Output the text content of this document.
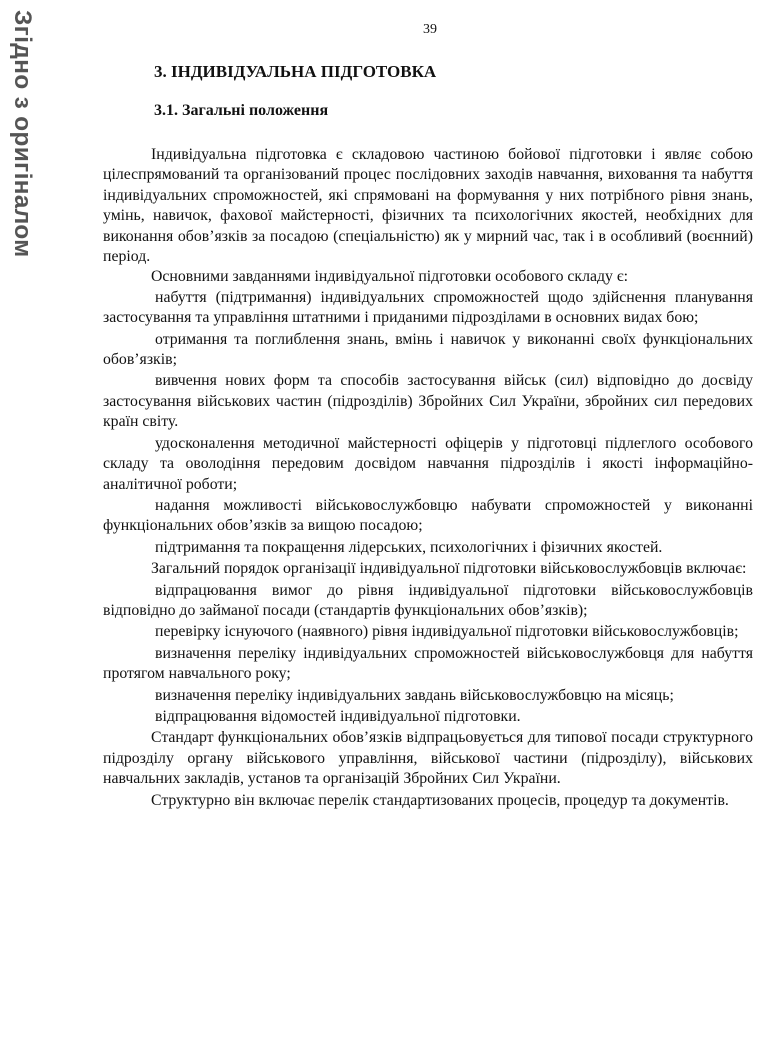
Згідно з оригіналом	39
3. ІНДИВІДУАЛЬНА ПІДГОТОВКА
3.1. Загальні положення

Індивідуальна підготовка є складовою частиною бойової підготовки і являє собою цілеспрямований та організований процес послідовних заходів навчання, виховання та набуття індивідуальних спроможностей, які спрямовані на формування у них потрібного рівня знань, умінь, навичок, фахової майстерності, фізичних та психологічних якостей, необхідних для виконання обов’язків за посадою (спеціальністю) як у мирний час, так і в особливий (воєнний) період.

Основними завданнями індивідуальної підготовки особового складу є:

набуття (підтримання) індивідуальних спроможностей щодо здійснення планування застосування та управління штатними і приданими підрозділами в основних видах бою;

отримання та поглиблення знань, вмінь і навичок у виконанні своїх функціональних обов’язків;

вивчення нових форм та способів застосування військ (сил) відповідно до досвіду застосування військових частин (підрозділів) Збройних Сил України, збройних сил передових країн світу.

удосконалення методичної майстерності офіцерів у підготовці підлеглого особового складу та оволодіння передовим досвідом навчання підрозділів і якості інформаційно-аналітичної роботи;

надання можливості військовослужбовцю набувати спроможностей у виконанні функціональних обов’язків за вищою посадою;

підтримання та покращення лідерських, психологічних і фізичних якостей.

Загальний порядок організації індивідуальної підготовки військовослужбовців включає:

відпрацювання вимог до рівня індивідуальної підготовки військовослужбовців відповідно до займаної посади (стандартів функціональних обов’язків);

перевірку існуючого (наявного) рівня індивідуальної підготовки військовослужбовців;

визначення переліку індивідуальних спроможностей військовослужбовця для набуття протягом навчального року;

визначення переліку індивідуальних завдань військовослужбовцю на місяць;

відпрацювання відомостей індивідуальної підготовки.

Стандарт функціональних обов’язків відпрацьовується для типової посади структурного підрозділу органу військового управління, військової частини (підрозділу), військових навчальних закладів, установ та організацій Збройних Сил України.

Структурно він включає перелік стандартизованих процесів, процедур та документів.
